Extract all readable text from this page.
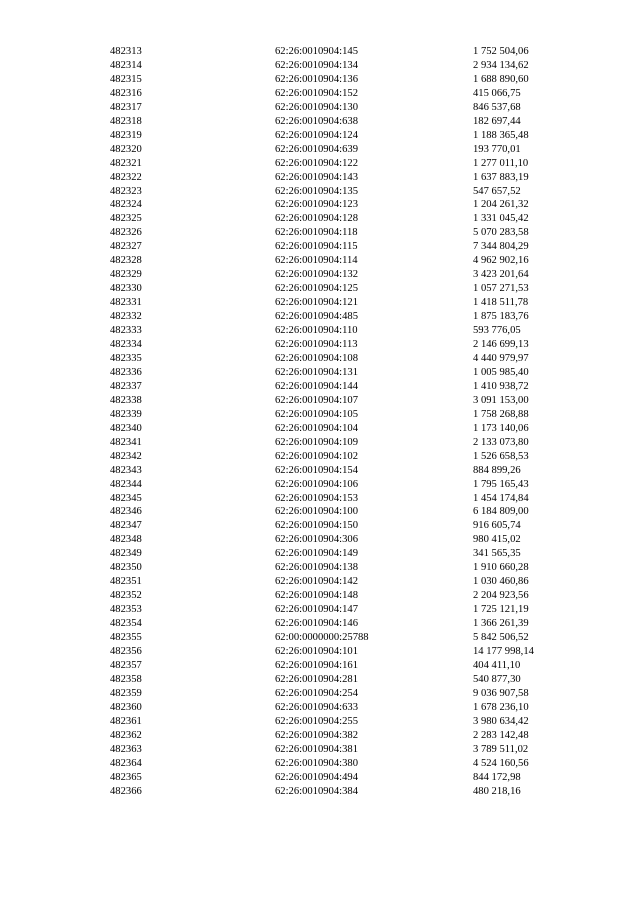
482313	62:26:0010904:145	1 752 504,06
482314	62:26:0010904:134	2 934 134,62
482315	62:26:0010904:136	1 688 890,60
482316	62:26:0010904:152	415 066,75
482317	62:26:0010904:130	846 537,68
482318	62:26:0010904:638	182 697,44
482319	62:26:0010904:124	1 188 365,48
482320	62:26:0010904:639	193 770,01
482321	62:26:0010904:122	1 277 011,10
482322	62:26:0010904:143	1 637 883,19
482323	62:26:0010904:135	547 657,52
482324	62:26:0010904:123	1 204 261,32
482325	62:26:0010904:128	1 331 045,42
482326	62:26:0010904:118	5 070 283,58
482327	62:26:0010904:115	7 344 804,29
482328	62:26:0010904:114	4 962 902,16
482329	62:26:0010904:132	3 423 201,64
482330	62:26:0010904:125	1 057 271,53
482331	62:26:0010904:121	1 418 511,78
482332	62:26:0010904:485	1 875 183,76
482333	62:26:0010904:110	593 776,05
482334	62:26:0010904:113	2 146 699,13
482335	62:26:0010904:108	4 440 979,97
482336	62:26:0010904:131	1 005 985,40
482337	62:26:0010904:144	1 410 938,72
482338	62:26:0010904:107	3 091 153,00
482339	62:26:0010904:105	1 758 268,88
482340	62:26:0010904:104	1 173 140,06
482341	62:26:0010904:109	2 133 073,80
482342	62:26:0010904:102	1 526 658,53
482343	62:26:0010904:154	884 899,26
482344	62:26:0010904:106	1 795 165,43
482345	62:26:0010904:153	1 454 174,84
482346	62:26:0010904:100	6 184 809,00
482347	62:26:0010904:150	916 605,74
482348	62:26:0010904:306	980 415,02
482349	62:26:0010904:149	341 565,35
482350	62:26:0010904:138	1 910 660,28
482351	62:26:0010904:142	1 030 460,86
482352	62:26:0010904:148	2 204 923,56
482353	62:26:0010904:147	1 725 121,19
482354	62:26:0010904:146	1 366 261,39
482355	62:00:0000000:25788	5 842 506,52
482356	62:26:0010904:101	14 177 998,14
482357	62:26:0010904:161	404 411,10
482358	62:26:0010904:281	540 877,30
482359	62:26:0010904:254	9 036 907,58
482360	62:26:0010904:633	1 678 236,10
482361	62:26:0010904:255	3 980 634,42
482362	62:26:0010904:382	2 283 142,48
482363	62:26:0010904:381	3 789 511,02
482364	62:26:0010904:380	4 524 160,56
482365	62:26:0010904:494	844 172,98
482366	62:26:0010904:384	480 218,16
